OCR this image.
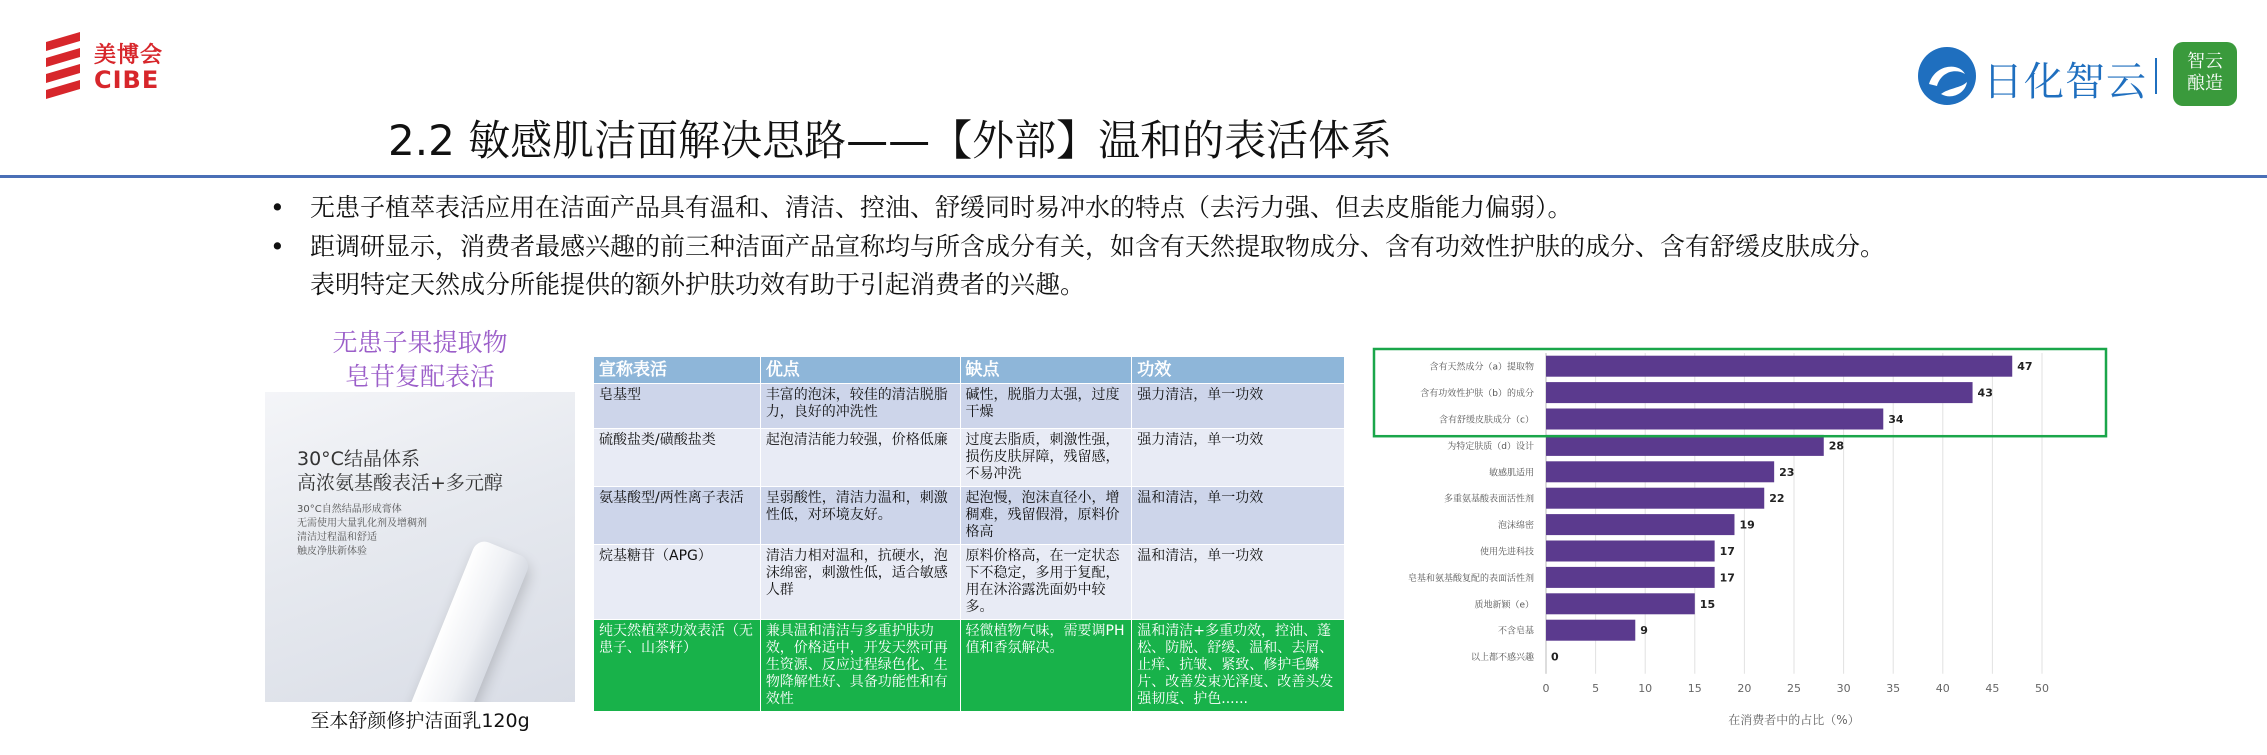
美博会
CIBE	日化智云	智云
酿造
2.2 敏感肌洁面解决思路——【外部】温和的表活体系
• 无患子植萃表活应用在洁面产品具有温和、清洁、控油、舒缓同时易冲水的特点（去污力强、但去皮脂能力偏弱）。
• 距调研显示，消费者最感兴趣的前三种洁面产品宣称均与所含成分有关，如含有天然提取物成分、含有功效性护肤的成分、含有舒缓皮肤成分。
表明特定天然成分所能提供的额外护肤功效有助于引起消费者的兴趣。
无患子果提取物
皂苷复配表活
30°C结晶体系
高浓氨基酸表活+多元醇
30°C自然结晶形成膏体
无需使用大量乳化剂及增稠剂
清洁过程温和舒适
触皮净肤新体验
至本舒颜修护洁面乳120g
宣称表活	优点	缺点	功效
皂基型	丰富的泡沫，较佳的清洁脱脂力，良好的冲洗性	碱性，脱脂力太强，过度干燥	强力清洁，单一功效
硫酸盐类/磺酸盐类	起泡清洁能力较强，价格低廉	过度去脂质，刺激性强，损伤皮肤屏障，残留感，不易冲洗	强力清洁，单一功效
氨基酸型/两性离子表活	呈弱酸性，清洁力温和，刺激性低，对环境友好。	起泡慢，泡沫直径小，增稠难，残留假滑，原料价格高	温和清洁，单一功效
烷基糖苷（APG）	清洁力相对温和，抗硬水，泡沫绵密，刺激性低，适合敏感人群	原料价格高，在一定状态下不稳定，多用于复配，用在沐浴露洗面奶中较多。	温和清洁，单一功效
纯天然植萃功效表活（无患子、山茶籽）	兼具温和清洁与多重护肤功效，价格适中，开发天然可再生资源、反应过程绿色化、生物降解性好、具备功能性和有效性	轻微植物气味，需要调PH值和香氛解决。	温和清洁+多重功效，控油、蓬松、防脱、舒缓、温和、去屑、止痒、抗皱、紧致、修护毛鳞片、改善发束光泽度、改善头发强韧度、护色......
0	5	10	15	20	25	30	35	40	45	50
含有天然成分（a）提取物	47
含有功效性护肤（b）的成分	43
含有舒缓皮肤成分（c）	34
为特定肤质（d）设计	28
敏感肌适用	23
多重氨基酸表面活性剂	22
泡沫绵密	19
使用先进科技	17
皂基和氨基酸复配的表面活性剂	17
质地新颖（e）	15
不含皂基	9
以上都不感兴趣 0
在消费者中的占比（%）
